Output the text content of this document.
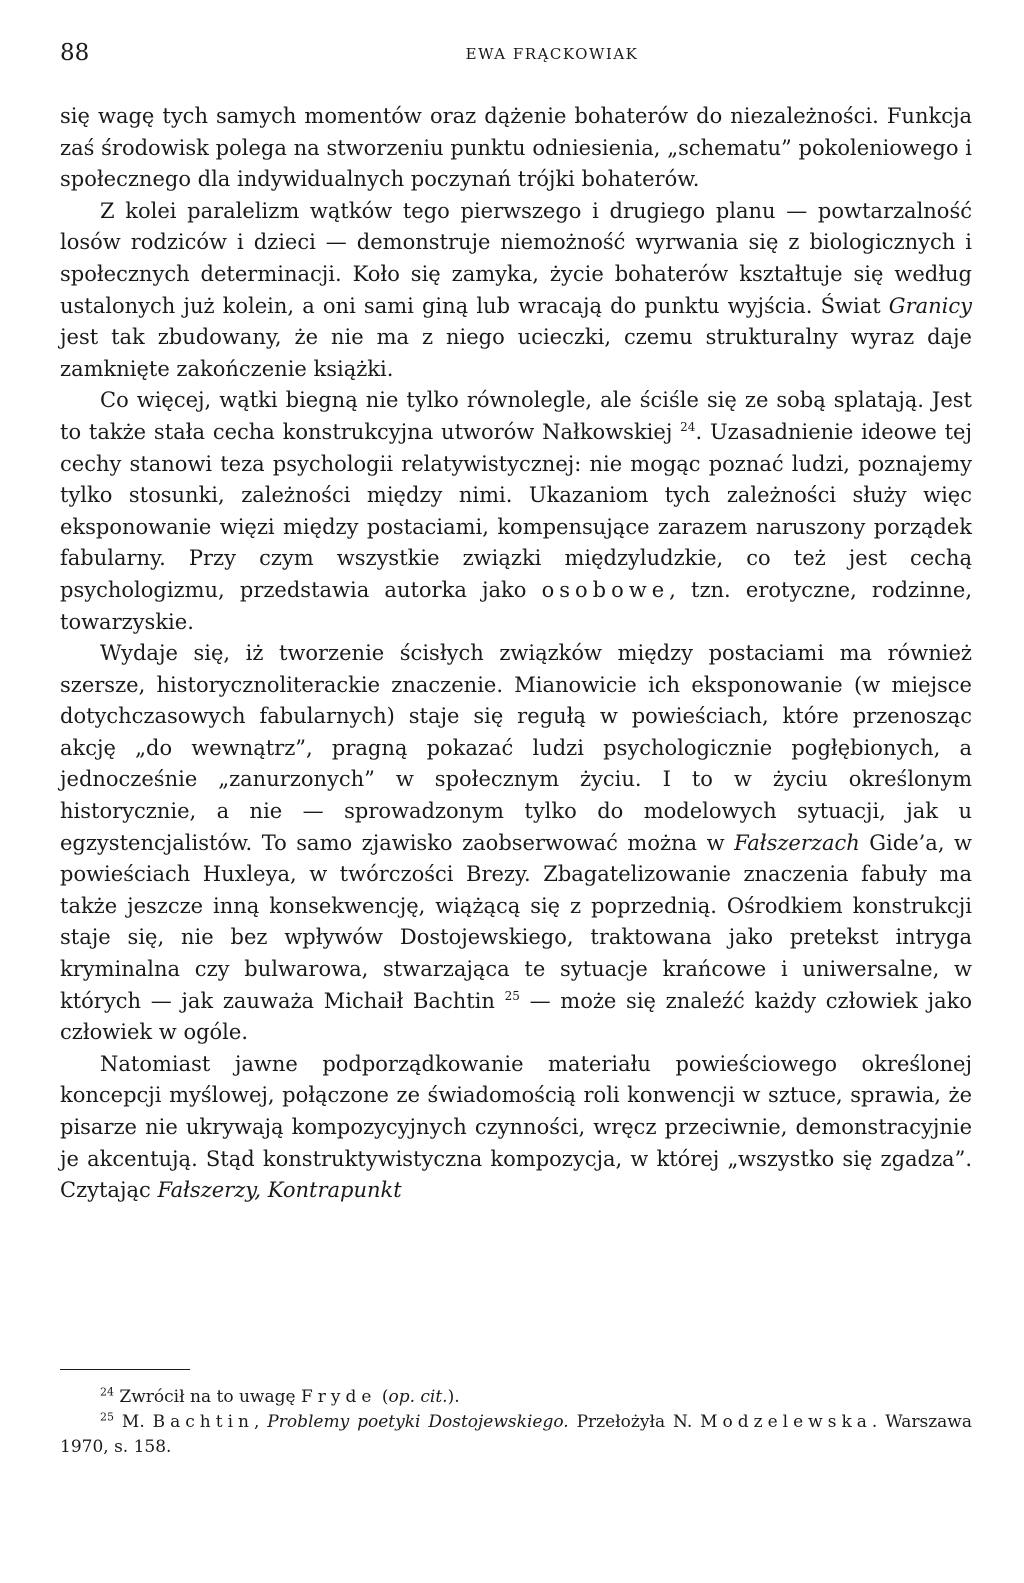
88	EWA FRĄCKOWIAK

się wagę tych samych momentów oraz dążenie bohaterów do niezależności. Funkcja zaś środowisk polega na stworzeniu punktu odniesienia, „schematu” pokoleniowego i społecznego dla indywidualnych poczynań trójki bohaterów.

Z kolei paralelizm wątków tego pierwszego i drugiego planu — powtarzalność losów rodziców i dzieci — demonstruje niemożność wyrwania się z biologicznych i społecznych determinacji. Koło się zamyka, życie bohaterów kształtuje się według ustalonych już kolein, a oni sami giną lub wracają do punktu wyjścia. Świat Granicy jest tak zbudowany, że nie ma z niego ucieczki, czemu strukturalny wyraz daje zamknięte zakończenie książki.

Co więcej, wątki biegną nie tylko równolegle, ale ściśle się ze sobą splatają. Jest to także stała cecha konstrukcyjna utworów Nałkowskiej $^{24}$. Uzasadnienie ideowe tej cechy stanowi teza psychologii relatywistycznej: nie mogąc poznać ludzi, poznajemy tylko stosunki, zależności między nimi. Ukazaniom tych zależności służy więc eksponowanie więzi między postaciami, kompensujące zarazem naruszony porządek fabularny. Przy czym wszystkie związki międzyludzkie, co też jest cechą psychologizmu, przedstawia autorka jako osobowe, tzn. erotyczne, rodzinne, towarzyskie.

Wydaje się, iż tworzenie ścisłych związków między postaciami ma również szersze, historycznoliterackie znaczenie. Mianowicie ich eksponowanie (w miejsce dotychczasowych fabularnych) staje się regułą w powieściach, które przenosząc akcję „do wewnątrz”, pragną pokazać ludzi psychologicznie pogłębionych, a jednocześnie „zanurzonych” w społecznym życiu. I to w życiu określonym historycznie, a nie — sprowadzonym tylko do modelowych sytuacji, jak u egzystencjalistów. To samo zjawisko zaobserwować można w Fałszerzach Gide’a, w powieściach Huxleya, w twórczości Brezy. Zbagatelizowanie znaczenia fabuły ma także jeszcze inną konsekwencję, wiążącą się z poprzednią. Ośrodkiem konstrukcji staje się, nie bez wpływów Dostojewskiego, traktowana jako pretekst intryga kryminalna czy bulwarowa, stwarzająca te sytuacje krańcowe i uniwersalne, w których — jak zauważa Michaił Bachtin $^{25}$ — może się znaleźć każdy człowiek jako człowiek w ogóle.

Natomiast jawne podporządkowanie materiału powieściowego określonej koncepcji myślowej, połączone ze świadomością roli konwencji w sztuce, sprawia, że pisarze nie ukrywają kompozycyjnych czynności, wręcz przeciwnie, demonstracyjnie je akcentują. Stąd konstruktywistyczna kompozycja, w której „wszystko się zgadza”. Czytając Fałszerzy, Kontrapunkt

$^{24}$ Zwrócił na to uwagę Fryde (op. cit.).

$^{25}$ M. Bachtin, Problemy poetyki Dostojewskiego. Przełożyła N. Modzelewska. Warszawa 1970, s. 158.
